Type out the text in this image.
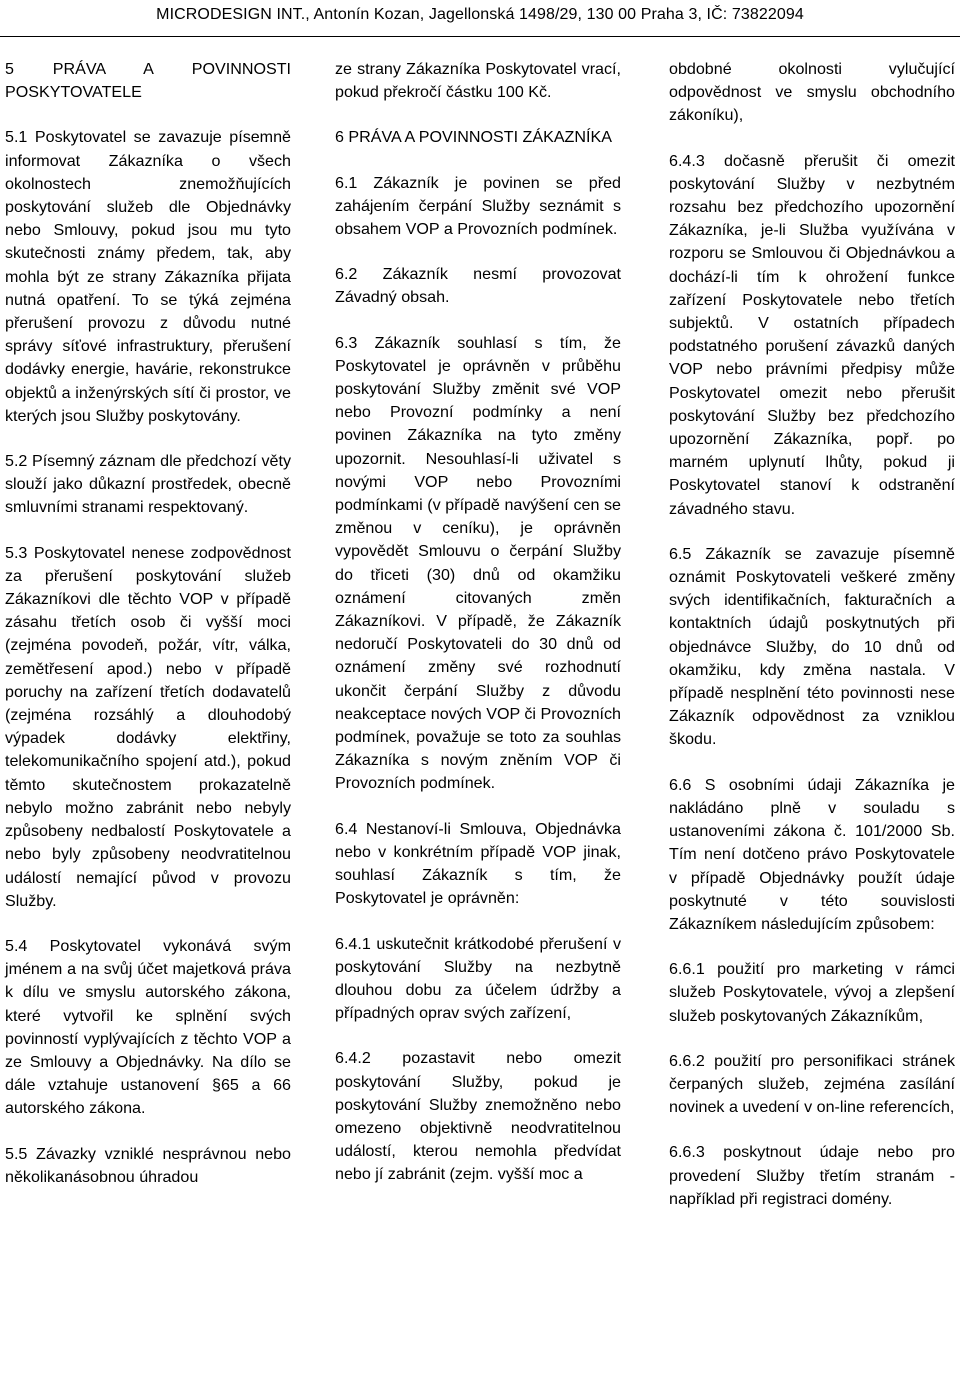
MICRODESIGN INT., Antonín Kozan, Jagellonská 1498/29, 130 00 Praha 3, IČ: 73822094

5 PRÁVA A POVINNOSTI POSKYTOVATELE

5.1 Poskytovatel se zavazuje písemně informovat Zákazníka o všech okolnostech znemožňujících poskytování služeb dle Objednávky nebo Smlouvy, pokud jsou mu tyto skutečnosti známy předem, tak, aby mohla být ze strany Zákazníka přijata nutná opatření. To se týká zejména přerušení provozu z důvodu nutné správy síťové infrastruktury, přerušení dodávky energie, havárie, rekonstrukce objektů a inženýrských sítí či prostor, ve kterých jsou Služby poskytovány.

5.2 Písemný záznam dle předchozí věty slouží jako důkazní prostředek, obecně smluvními stranami respektovaný.

5.3 Poskytovatel nenese zodpovědnost za přerušení poskytování služeb Zákazníkovi dle těchto VOP v případě zásahu třetích osob či vyšší moci (zejména povodeň, požár, vítr, válka, zemětřesení apod.) nebo v případě poruchy na zařízení třetích dodavatelů (zejména rozsáhlý a dlouhodobý výpadek dodávky elektřiny, telekomunikačního spojení atd.), pokud těmto skutečnostem prokazatelně nebylo možno zabránit nebo nebyly způsobeny nedbalostí Poskytovatele a nebo byly způsobeny neodvratitelnou událostí nemající původ v provozu Služby.

5.4 Poskytovatel vykonává svým jménem a na svůj účet majetková práva k dílu ve smyslu autorského zákona, které vytvořil ke splnění svých povinností vyplývajících z těchto VOP a ze Smlouvy a Objednávky. Na dílo se dále vztahuje ustanovení §65 a 66 autorského zákona.

5.5 Závazky vzniklé nesprávnou nebo několikanásobnou úhradou

ze strany Zákazníka Poskytovatel vrací, pokud překročí částku 100 Kč.

6 PRÁVA A POVINNOSTI ZÁKAZNÍKA

6.1 Zákazník je povinen se před zahájením čerpání Služby seznámit s obsahem VOP a Provozních podmínek.

6.2 Zákazník nesmí provozovat Závadný obsah.

6.3 Zákazník souhlasí s tím, že Poskytovatel je oprávněn v průběhu poskytování Služby změnit své VOP nebo Provozní podmínky a není povinen Zákazníka na tyto změny upozornit. Nesouhlasí-li uživatel s novými VOP nebo Provozními podmínkami (v případě navýšení cen se změnou v ceníku), je oprávněn vypovědět Smlouvu o čerpání Služby do třiceti (30) dnů od okamžiku oznámení citovaných změn Zákazníkovi. V případě, že Zákazník nedoručí Poskytovateli do 30 dnů od oznámení změny své rozhodnutí ukončit čerpání Služby z důvodu neakceptace nových VOP či Provozních podmínek, považuje se toto za souhlas Zákazníka s novým zněním VOP či Provozních podmínek.

6.4 Nestanoví-li Smlouva, Objednávka nebo v konkrétním případě VOP jinak, souhlasí Zákazník s tím, že Poskytovatel je oprávněn:

6.4.1 uskutečnit krátkodobé přerušení v poskytování Služby na nezbytně dlouhou dobu za účelem údržby a případných oprav svých zařízení,

6.4.2 pozastavit nebo omezit poskytování Služby, pokud je poskytování Služby znemožněno nebo omezeno objektivně neodvratitelnou událostí, kterou nemohla předvídat nebo jí zabránit (zejm. vyšší moc a

obdobné okolnosti vylučující odpovědnost ve smyslu obchodního zákoníku),

6.4.3 dočasně přerušit či omezit poskytování Služby v nezbytném rozsahu bez předchozího upozornění Zákazníka, je-li Služba využívána v rozporu se Smlouvou či Objednávkou a dochází-li tím k ohrožení funkce zařízení Poskytovatele nebo třetích subjektů. V ostatních případech podstatného porušení závazků daných VOP nebo právními předpisy může Poskytovatel omezit nebo přerušit poskytování Služby bez předchozího upozornění Zákazníka, popř. po marném uplynutí lhůty, pokud ji Poskytovatel stanoví k odstranění závadného stavu.

6.5 Zákazník se zavazuje písemně oznámit Poskytovateli veškeré změny svých identifikačních, fakturačních a kontaktních údajů poskytnutých při objednávce Služby, do 10 dnů od okamžiku, kdy změna nastala. V případě nesplnění této povinnosti nese Zákazník odpovědnost za vzniklou škodu.

6.6 S osobními údaji Zákazníka je nakládáno plně v souladu s ustanoveními zákona č. 101/2000 Sb. Tím není dotčeno právo Poskytovatele v případě Objednávky použít údaje poskytnuté v této souvislosti Zákazníkem následujícím způsobem:

6.6.1 použití pro marketing v rámci služeb Poskytovatele, vývoj a zlepšení služeb poskytovaných Zákazníkům,

6.6.2 použití pro personifikaci stránek čerpaných služeb, zejména zasílání novinek a uvedení v on-line referencích,

6.6.3 poskytnout údaje nebo pro provedení Služby třetím stranám - například při registraci domény.
